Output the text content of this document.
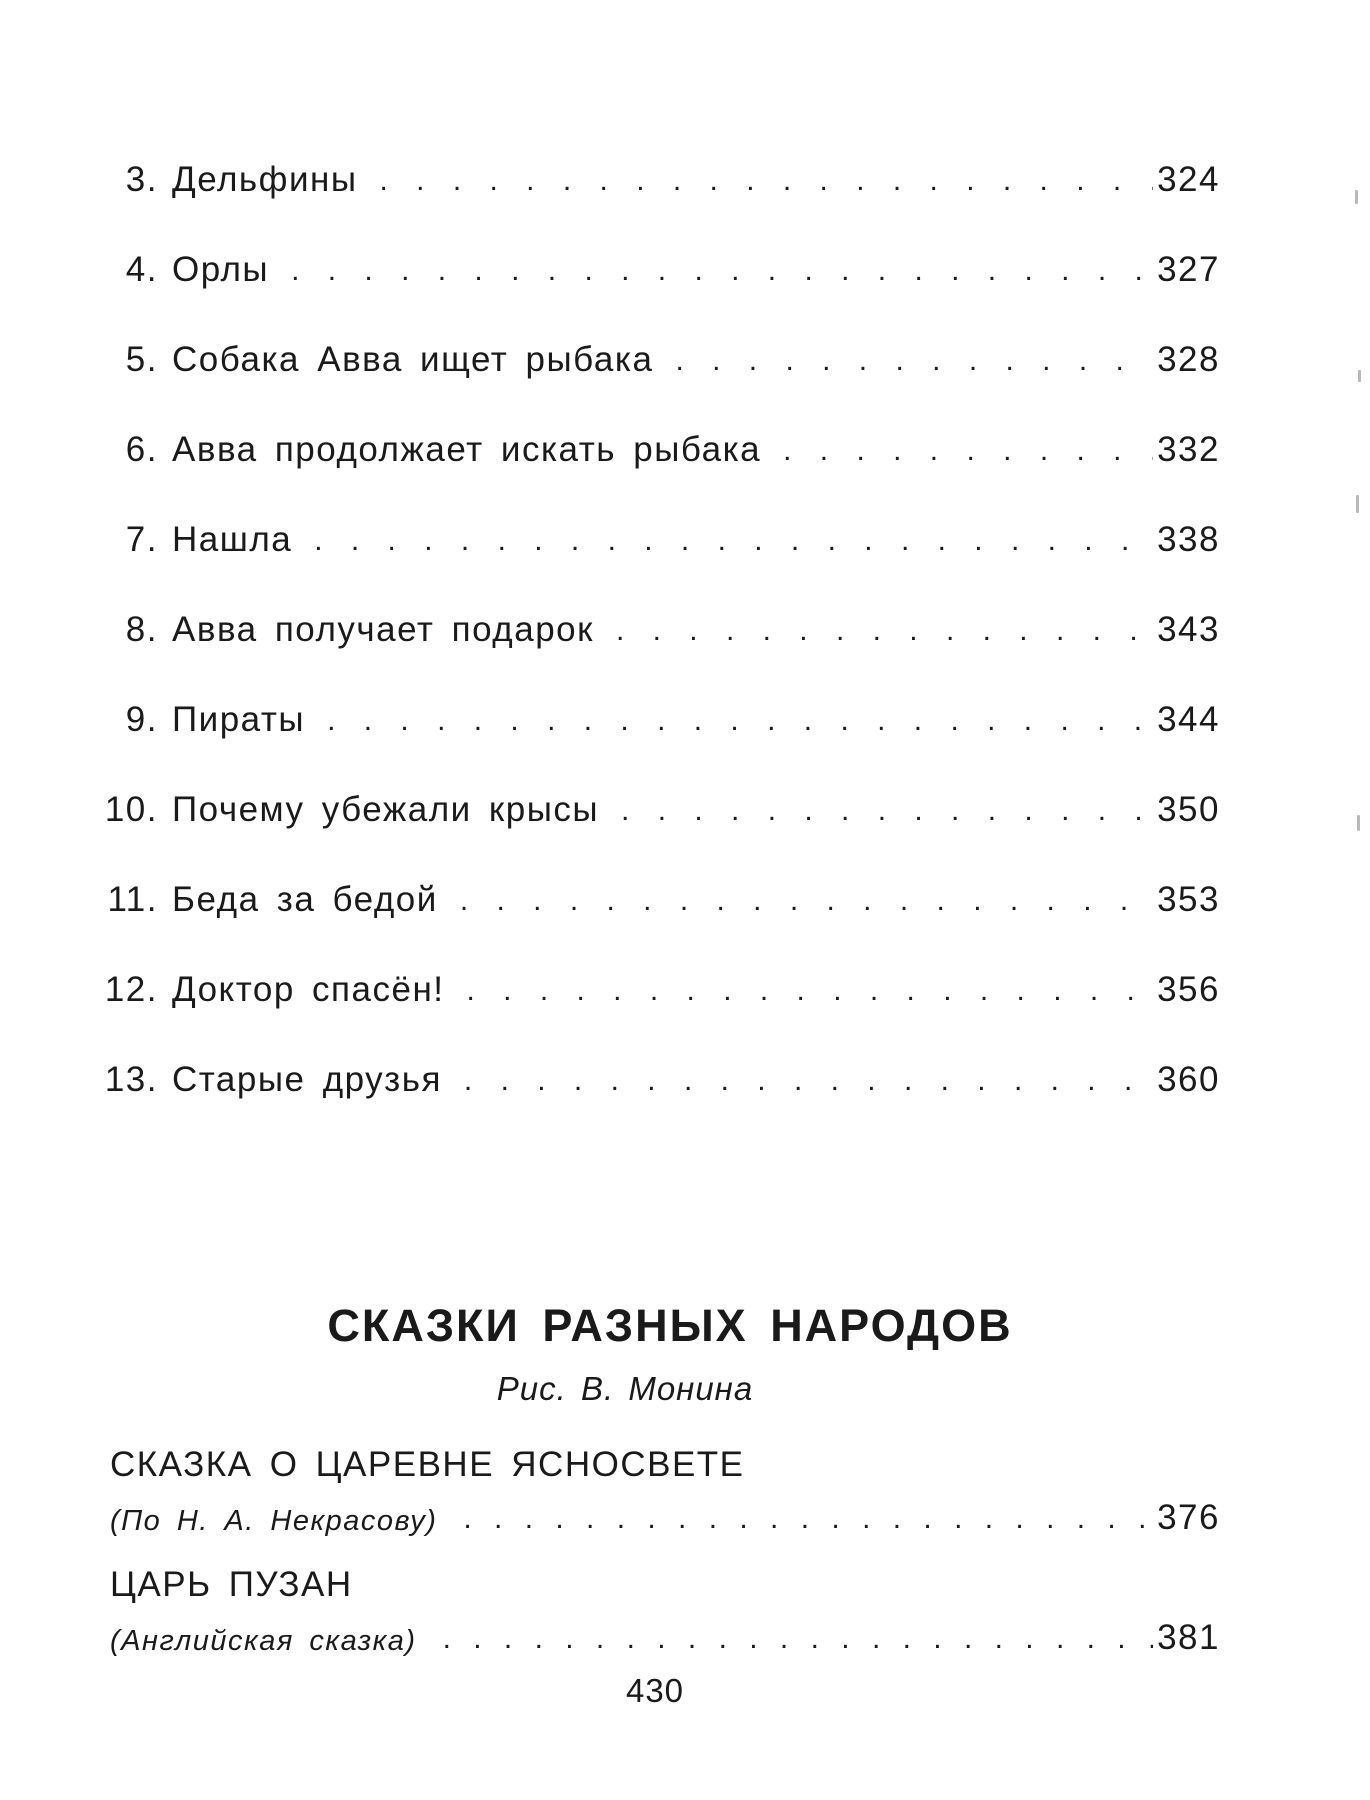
3. Дельфины . . .	324
4. Орлы . . .	327
5. Собака Авва ищет рыбака . . .	328
6. Авва продолжает искать рыбака . . .	332
7. Нашла . . .	338
8. Авва получает подарок . . .	343
9. Пираты . . .	344
10. Почему убежали крысы . . .	350
11. Беда за бедой . . .	353
12. Доктор спасён! . . .	356
13. Старые друзья . . .	360
СКАЗКИ РАЗНЫХ НАРОДОВ
Рис. В. Монина
СКАЗКА О ЦАРЕВНЕ ЯСНОСВЕТЕ
(По Н. А. Некрасову) . . .	376
ЦАРЬ ПУЗАН
(Английская сказка) . . .	381
430
